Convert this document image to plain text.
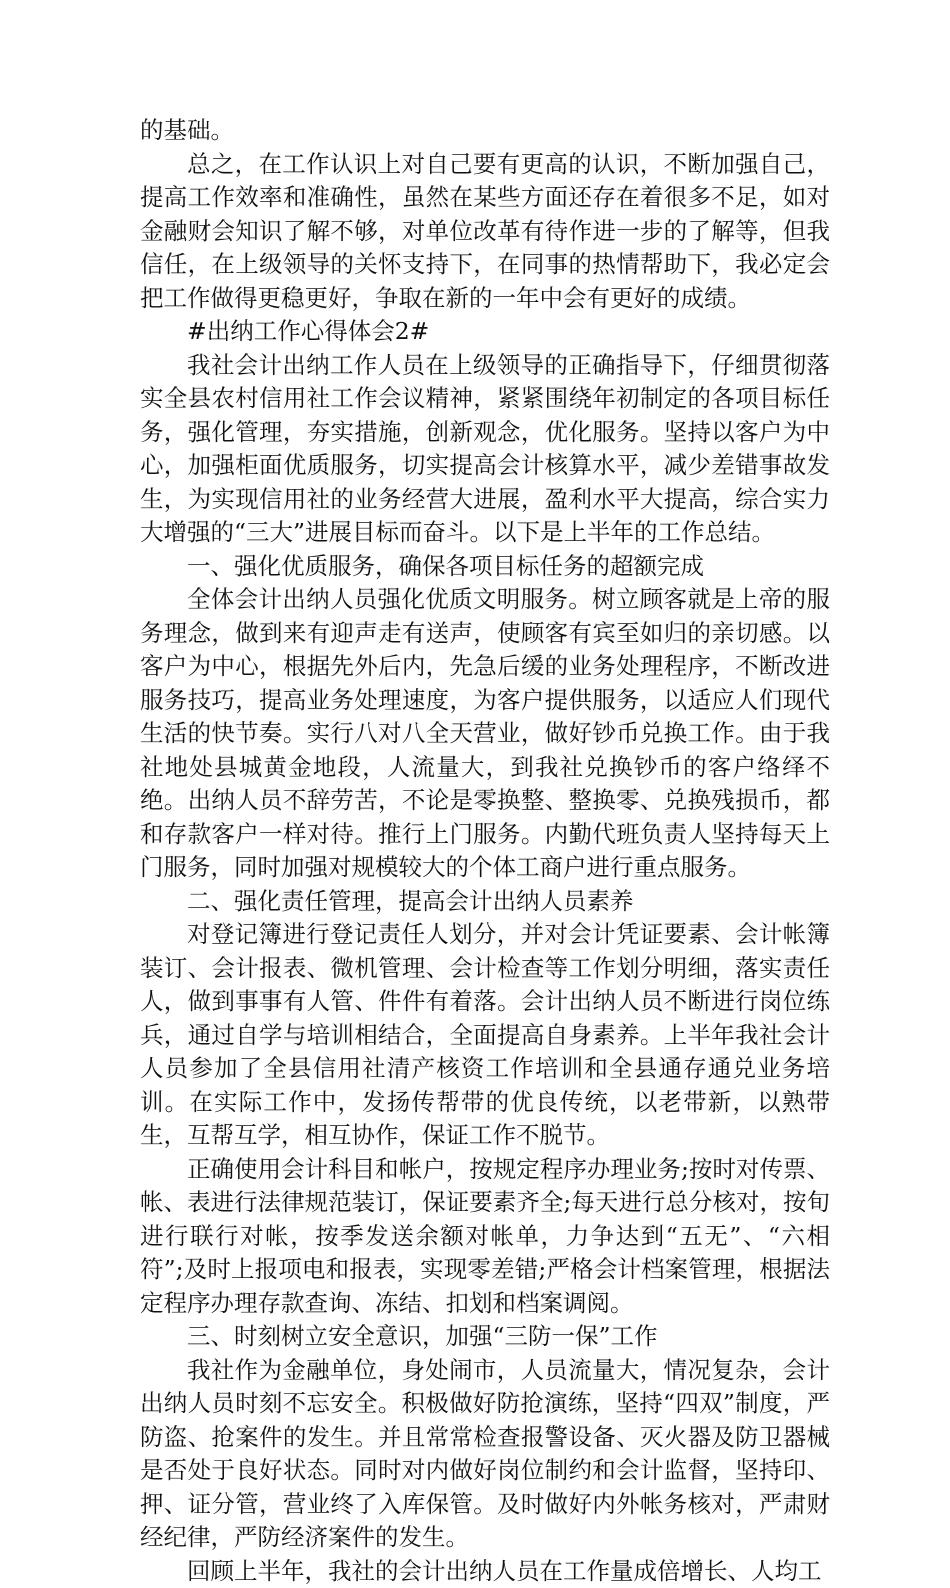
的基础。

总之，在工作认识上对自己要有更高的认识，不断加强自己，提高工作效率和准确性，虽然在某些方面还存在着很多不足，如对金融财会知识了解不够，对单位改革有待作进一步的了解等，但我信任，在上级领导的关怀支持下，在同事的热情帮助下，我必定会把工作做得更稳更好，争取在新的一年中会有更好的成绩。

#出纳工作心得体会2#

我社会计出纳工作人员在上级领导的正确指导下，仔细贯彻落实全县农村信用社工作会议精神，紧紧围绕年初制定的各项目标任务，强化管理，夯实措施，创新观念，优化服务。坚持以客户为中心，加强柜面优质服务，切实提高会计核算水平，减少差错事故发生，为实现信用社的业务经营大进展，盈利水平大提高，综合实力大增强的“三大”进展目标而奋斗。以下是上半年的工作总结。

一、强化优质服务，确保各项目标任务的超额完成

全体会计出纳人员强化优质文明服务。树立顾客就是上帝的服务理念，做到来有迎声走有送声，使顾客有宾至如归的亲切感。以客户为中心，根据先外后内，先急后缓的业务处理程序，不断改进服务技巧，提高业务处理速度，为客户提供服务，以适应人们现代生活的快节奏。实行八对八全天营业，做好钞币兑换工作。由于我社地处县城黄金地段，人流量大，到我社兑换钞币的客户络绎不绝。出纳人员不辞劳苦，不论是零换整、整换零、兑换残损币，都和存款客户一样对待。推行上门服务。内勤代班负责人坚持每天上门服务，同时加强对规模较大的个体工商户进行重点服务。

二、强化责任管理，提高会计出纳人员素养

对登记簿进行登记责任人划分，并对会计凭证要素、会计帐簿装订、会计报表、微机管理、会计检查等工作划分明细，落实责任人，做到事事有人管、件件有着落。会计出纳人员不断进行岗位练兵，通过自学与培训相结合，全面提高自身素养。上半年我社会计人员参加了全县信用社清产核资工作培训和全县通存通兑业务培训。在实际工作中，发扬传帮带的优良传统，以老带新，以熟带生，互帮互学，相互协作，保证工作不脱节。

正确使用会计科目和帐户，按规定程序办理业务;按时对传票、帐、表进行法律规范装订，保证要素齐全;每天进行总分核对，按旬进行联行对帐，按季发送余额对帐单，力争达到“五无”、“六相符”;及时上报项电和报表，实现零差错;严格会计档案管理，根据法定程序办理存款查询、冻结、扣划和档案调阅。

三、时刻树立安全意识，加强“三防一保”工作

我社作为金融单位，身处闹市，人员流量大，情况复杂，会计出纳人员时刻不忘安全。积极做好防抢演练，坚持“四双”制度，严防盗、抢案件的发生。并且常常检查报警设备、灭火器及防卫器械是否处于良好状态。同时对内做好岗位制约和会计监督，坚持印、押、证分管，营业终了入库保管。及时做好内外帐务核对，严肃财经纪律，严防经济案件的发生。

回顾上半年，我社的会计出纳人员在工作量成倍增长、人均工
